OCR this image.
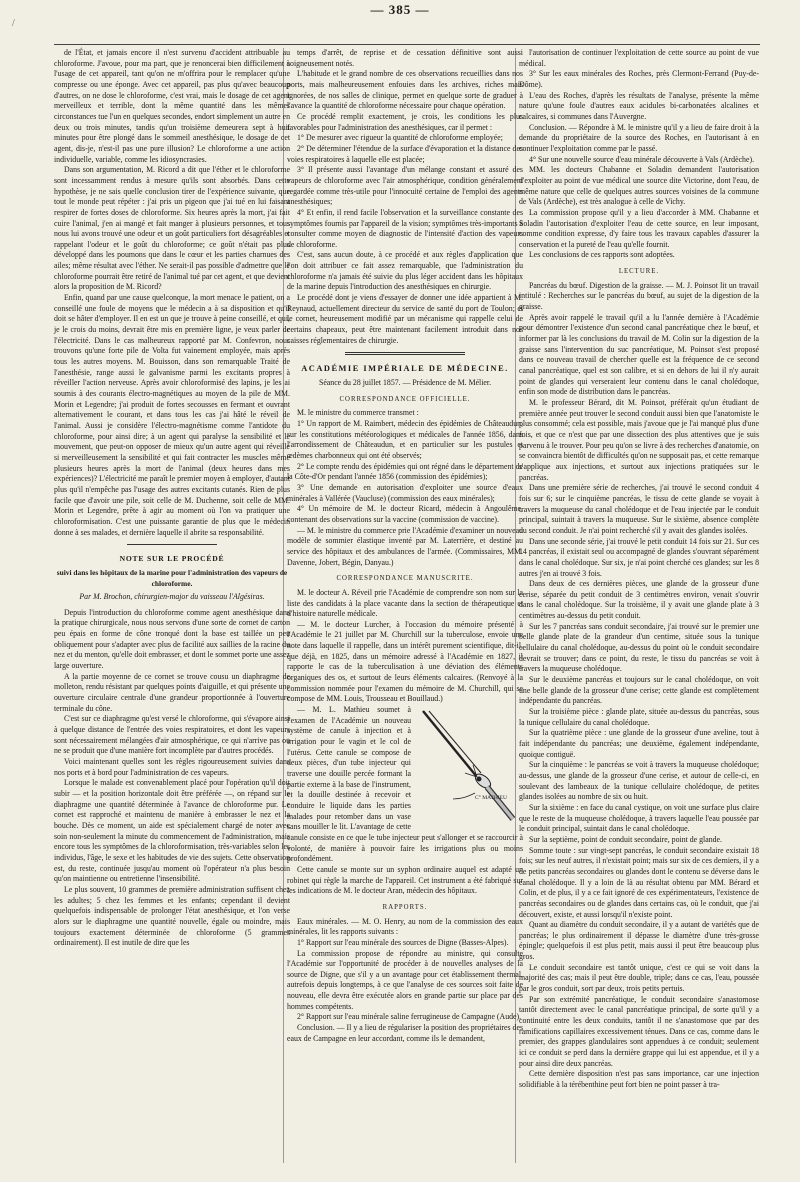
/
— 385 —

de l'État, et jamais encore il n'est survenu d'accident attribuable au chloroforme. J'avoue, pour ma part, que je renoncerai bien difficilement à l'usage de cet appareil, tant qu'on ne m'offrira pour le remplacer qu'une compresse ou une éponge. Avec cet appareil, pas plus qu'avec beaucoup d'autres, on ne dose le chloroforme, c'est vrai, mais le dosage de cet agent merveilleux et terrible, dont la même quantité dans les mêmes circonstances tue l'un en quelques secondes, endort simplement un autre en deux ou trois minutes, tandis qu'un troisième demeurera sept à huit minutes pour être plongé dans le sommeil anesthésique, le dosage de cet agent, dis-je, n'est-il pas une pure illusion? Le chloroforme a une action individuelle, variable, comme les idiosyncrasies.

Dans son argumentation, M. Ricord a dit que l'éther et le chloroforme sont incessamment rendus à mesure qu'ils sont absorbés. Dans cette hypothèse, je ne sais quelle conclusion tirer de l'expérience suivante, que tout le monde peut répéter : j'ai pris un pigeon que j'ai tué en lui faisant respirer de fortes doses de chloroforme. Six heures après la mort, j'ai fait cuire l'animal, j'en ai mangé et fait manger à plusieurs personnes, et tous nous lui avons trouvé une odeur et un goût particuliers fort désagréables et rappelant l'odeur et le goût du chloroforme; ce goût n'était pas plus développé dans les poumons que dans le cœur et les parties charnues des ailes; même résultat avec l'éther. Ne serait-il pas possible d'admettre que le chloroforme pourrait être retiré de l'animal tué par cet agent, et que devient alors la proposition de M. Ricord?

Enfin, quand par une cause quelconque, la mort menace le patient, on a conseillé une foule de moyens que le médecin a à sa disposition et qu'il doit se hâter d'employer. Il en est un que je trouve à peine conseillé, et qui, je le crois du moins, devrait être mis en première ligne, je veux parler de l'électricité. Dans le cas malheureux rapporté par M. Confevron, nous trouvons qu'une forte pile de Volta fut vainement employée, mais après tous les autres moyens. M. Bouisson, dans son remarquable Traité de l'anesthésie, range aussi le galvanisme parmi les excitants propres à réveiller l'action nerveuse. Après avoir chloroformisé des lapins, je les ai soumis à des courants électro-magnétiques au moyen de la pile de MM. Morin et Legendre; j'ai produit de fortes secousses en fermant et ouvrant alternativement le courant, et dans tous les cas j'ai hâté le réveil de l'animal. Aussi je considère l'électro-magnétisme comme l'antidote du chloroforme, pour ainsi dire; à un agent qui paralyse la sensibilité et le mouvement, que peut-on opposer de mieux qu'un autre agent qui réveille si merveilleusement la sensibilité et qui fait contracter les muscles même plusieurs heures après la mort de l'animal (deux heures dans mes expériences)? L'électricité me paraît le premier moyen à employer, d'autant plus qu'il n'empêche pas l'usage des autres excitants cutanés. Rien de plus facile que d'avoir une pile, soit celle de M. Duchenne, soit celle de MM. Morin et Legendre, prête à agir au moment où l'on va pratiquer une chloroformisation. C'est une puissante garantie de plus que le médecin donne à ses malades, et dernière laquelle il abrite sa responsabilité.

NOTE SUR LE PROCÉDÉ
suivi dans les hôpitaux de la marine pour l'administration des vapeurs de chloroforme.
Par M. Brochon, chirurgien-major du vaisseau l'Algésiras.

Depuis l'introduction du chloroforme comme agent anesthésique dans la pratique chirurgicale, nous nous servons d'une sorte de cornet de carton peu épais en forme de cône tronqué dont la base est taillée un peu obliquement pour s'adapter avec plus de facilité aux saillies de la racine du nez et du menton, qu'elle doit embrasser, et dont le sommet porte une assez large ouverture.

A la partie moyenne de ce cornet se trouve cousu un diaphragme de molleton, rendu résistant par quelques points d'aiguille, et qui présente une ouverture circulaire centrale d'une grandeur proportionnée à l'ouverture terminale du cône.

C'est sur ce diaphragme qu'est versé le chloroforme, qui s'évapore ainsi à quelque distance de l'entrée des voies respiratoires, et dont les vapeurs sont nécessairement mélangées d'air atmosphérique, ce qui n'arrive pas ou ne se produit que d'une manière fort incomplète par d'autres procédés.

Voici maintenant quelles sont les règles rigoureusement suivies dans nos ports et à bord pour l'administration de ces vapeurs.

Lorsque le malade est convenablement placé pour l'opération qu'il doit subir — et la position horizontale doit être préférée —, on répand sur le diaphragme une quantité déterminée à l'avance de chloroforme pur. Le cornet est rapproché et maintenu de manière à embrasser le nez et la bouche. Dès ce moment, un aide est spécialement chargé de noter avec soin non-seulement la minute du commencement de l'administration, mais encore tous les symptômes de la chloroformisation, très-variables selon les individus, l'âge, le sexe et les habitudes de vie des sujets. Cette observation est, du reste, continuée jusqu'au moment où l'opérateur n'a plus besoin qu'on maintienne ou entretienne l'insensibilité.

Le plus souvent, 10 grammes de première administration suffisent chez les adultes; 5 chez les femmes et les enfants; cependant il devient quelquefois indispensable de prolonger l'état anesthésique, et l'on verse alors sur le diaphragme une quantité nouvelle, égale ou moindre, mais toujours exactement déterminée de chloroforme (5 grammes ordinairement). Il est inutile de dire que les

temps d'arrêt, de reprise et de cessation définitive sont aussi soigneusement notés.

L'habitude et le grand nombre de ces observations recueillies dans nos ports, mais malheureusement enfouies dans les archives, riches mais ignorées, de nos salles de clinique, permet en quelque sorte de graduer à l'avance la quantité de chloroforme nécessaire pour chaque opération.

Ce procédé remplit exactement, je crois, les conditions les plus favorables pour l'administration des anesthésiques, car il permet :

1° De mesurer avec rigueur la quantité de chloroforme employée;

2° De déterminer l'étendue de la surface d'évaporation et la distance des voies respiratoires à laquelle elle est placée;

3° Il présente aussi l'avantage d'un mélange constant et assuré des vapeurs de chloroforme avec l'air atmosphérique, condition généralement regardée comme très-utile pour l'innocuité certaine de l'emploi des agents anesthésiques;

4° Et enfin, il rend facile l'observation et la surveillance constante des symptômes fournis par l'appareil de la vision; symptômes très-importants à consulter comme moyen de diagnostic de l'intensité d'action des vapeurs de chloroforme.

C'est, sans aucun doute, à ce procédé et aux règles d'application que l'on doit attribuer ce fait assez remarquable, que l'administration du chloroforme n'a jamais été suivie du plus léger accident dans les hôpitaux de la marine depuis l'introduction des anesthésiques en chirurgie.

Le procédé dont je viens d'essayer de donner une idée appartient à M. Reynaud, actuellement directeur du service de santé du port de Toulon; et le cornet, heureusement modifié par un mécanisme qui rappelle celui de certains chapeaux, peut être maintenant facilement introduit dans nos caisses réglementaires de chirurgie.

ACADÉMIE IMPÉRIALE DE MÉDECINE.
Séance du 28 juillet 1857. — Présidence de M. Mélier.
CORRESPONDANCE OFFICIELLE.

M. le ministre du commerce transmet :

1° Un rapport de M. Raimbert, médecin des épidémies de Châteaudun, sur les constitutions météorologiques et médicales de l'année 1856, dans l'arrondissement de Châteaudun, et en particulier sur les pustules et œdèmes charbonneux qui ont été observés;

2° Le compte rendu des épidémies qui ont régné dans le département de la Côte-d'Or pendant l'année 1856 (commission des épidémies);

3° Une demande en autorisation d'exploiter une source d'eaux minérales à Vallérée (Vaucluse) (commission des eaux minérales);

4° Un mémoire de M. le docteur Ricard, médecin à Angoulême, contenant des observations sur la vaccine (commission de vaccine).

— M. le ministre du commerce prie l'Académie d'examiner un nouveau modèle de sommier élastique inventé par M. Laterrière, et destiné au service des hôpitaux et des ambulances de l'armée. (Commissaires, MM. Davenne, Jobert, Bégin, Danyau.)

CORRESPONDANCE MANUSCRITE.

M. le docteur A. Réveil prie l'Académie de comprendre son nom sur la liste des candidats à la place vacante dans la section de thérapeutique et d'histoire naturelle médicale.

— M. le docteur Lurcher, à l'occasion du mémoire présenté à l'Académie le 21 juillet par M. Churchill sur la tuberculose, envoie une note dans laquelle il rappelle, dans un intérêt purement scientifique, dit-il, que déjà, en 1825, dans un mémoire adressé à l'Académie en 1827, il rapporte le cas de la tuberculisation à une déviation des éléments organiques des os, et surtout de leurs éléments calcaires. (Renvoyé à la commission nommée pour l'examen du mémoire de M. Churchill, qui se compose de MM. Louis, Trousseau et Bouillaud.)

C° MATHIEU

— M. L. Mathieu soumet à l'examen de l'Académie un nouveau système de canule à injection et à irrigation pour le vagin et le col de l'utérus. Cette canule se compose de deux pièces, d'un tube injecteur qui traverse une douille percée formant la partie externe à la base de l'instrument, et la douille destinée à recevoir et conduire le liquide dans les parties malades pour retomber dans un vase sans mouiller le lit. L'avantage de cette canule consiste en ce que le tube injecteur peut s'allonger et se raccourcir à volonté, de manière à pouvoir faire les irrigations plus ou moins profondément.

Cette canule se monte sur un syphon ordinaire auquel est adapté un robinet qui règle la marche de l'appareil. Cet instrument a été fabriqué sur les indications de M. le docteur Aran, médecin des hôpitaux.

RAPPORTS.

Eaux minérales. — M. O. Henry, au nom de la commission des eaux minérales, lit les rapports suivants :

1° Rapport sur l'eau minérale des sources de Digne (Basses-Alpes).

La commission propose de répondre au ministre, qui consulte l'Académie sur l'opportunité de procéder à de nouvelles analyses de la source de Digne, que s'il y a un avantage pour cet établissement thermal, autrefois depuis longtemps, à ce que l'analyse de ces sources soit faite de nouveau, elle devra être exécutée alors en grande partie sur place par des hommes compétents.

2° Rapport sur l'eau minérale saline ferrugineuse de Campagne (Aude).

Conclusion. — Il y a lieu de régulariser la position des propriétaires des eaux de Campagne en leur accordant, comme ils le demandent,

l'autorisation de continuer l'exploitation de cette source au point de vue médical.

3° Sur les eaux minérales des Roches, près Clermont-Ferrand (Puy-de-Dôme).

L'eau des Roches, d'après les résultats de l'analyse, présente la même nature qu'une foule d'autres eaux acidules bi-carbonatées alcalines et calcaires, si communes dans l'Auvergne.

Conclusion. — Répondre à M. le ministre qu'il y a lieu de faire droit à la demande du propriétaire de la source des Roches, en l'autorisant à en continuer l'exploitation comme par le passé.

4° Sur une nouvelle source d'eau minérale découverte à Vals (Ardèche).

MM. les docteurs Chabanne et Soladin demandent l'autorisation d'exploiter au point de vue médical une source dite Victorine, dont l'eau, de même nature que celle de quelques autres sources voisines de la commune de Vals (Ardèche), est très analogue à celle de Vichy.

La commission propose qu'il y a lieu d'accorder à MM. Chabanne et Soladin l'autorisation d'exploiter l'eau de cette source, en leur imposant, comme condition expresse, d'y faire tous les travaux capables d'assurer la conservation et la pureté de l'eau qu'elle fournit.

Les conclusions de ces rapports sont adoptées.

LECTURE.

Pancréas du bœuf. Digestion de la graisse. — M. J. Poinsot lit un travail intitulé : Recherches sur le pancréas du bœuf, au sujet de la digestion de la graisse.

Après avoir rappelé le travail qu'il a lu l'année dernière à l'Académie pour démontrer l'existence d'un second canal pancréatique chez le bœuf, et informer par là les conclusions du travail de M. Colin sur la digestion de la graisse sans l'intervention du suc pancréatique, M. Poinsot s'est proposé dans ce nouveau travail de chercher quelle est la fréquence de ce second canal pancréatique, quel est son calibre, et si en dehors de lui il n'y aurait point de glandes qui verseraient leur contenu dans le canal cholédoque, enfin son mode de distribution dans le pancréas.

M. le professeur Bérard, dit M. Poinsot, préférait qu'un étudiant de première année peut trouver le second conduit aussi bien que l'anatomiste le plus consommé; cela est possible, mais j'avoue que je l'ai manqué plus d'une fois, et que ce n'est que par une dissection des plus attentives que je suis parvenu à le trouver. Pour peu qu'on se livre à des recherches d'anatomie, on se convaincra bientôt de difficultés qu'on ne supposait pas, et cette remarque s'applique aux injections, et surtout aux injections pratiquées sur le pancréas.

Dans une première série de recherches, j'ai trouvé le second conduit 4 fois sur 6; sur le cinquième pancréas, le tissu de cette glande se voyait à travers la muqueuse du canal cholédoque et de l'eau injectée par le conduit principal, suintait à travers la muqueuse. Sur le sixième, absence complète du second conduit. Je n'ai point recherché s'il y avait des glandes isolées.

Dans une seconde série, j'ai trouvé le petit conduit 14 fois sur 21. Sur ces 14 pancréas, il existait seul ou accompagné de glandes s'ouvrant séparément dans le canal cholédoque. Sur six, je n'ai point cherché ces glandes; sur les 8 autres j'en ai trouvé 3 fois.

Dans deux de ces dernières pièces, une glande de la grosseur d'une cerise, séparée du petit conduit de 3 centimètres environ, venait s'ouvrir dans le canal cholédoque. Sur la troisième, il y avait une glande plate à 3 centimètres au-dessus du petit conduit.

Sur les 7 pancréas sans conduit secondaire, j'ai trouvé sur le premier une belle glande plate de la grandeur d'un centime, située sous la tunique cellulaire du canal cholédoque, au-dessus du point où le conduit secondaire devrait se trouver; dans ce point, du reste, le tissu du pancréas se voit à travers la muqueuse cholédoque.

Sur le deuxième pancréas et toujours sur le canal cholédoque, on voit une belle glande de la grosseur d'une cerise; cette glande est complètement indépendante du pancréas.

Sur la troisième pièce : glande plate, située au-dessus du pancréas, sous la tunique cellulaire du canal cholédoque.

Sur la quatrième pièce : une glande de la grosseur d'une aveline, tout à fait indépendante du pancréas; une deuxième, également indépendante, quoique contiguë.

Sur la cinquième : le pancréas se voit à travers la muqueuse cholédoque; au-dessus, une glande de la grosseur d'une cerise, et autour de celle-ci, en soulevant des lambeaux de la tunique cellulaire cholédoque, de petites glandes isolées au nombre de six ou huit.

Sur la sixième : en face du canal cystique, on voit une surface plus claire que le reste de la muqueuse cholédoque, à travers laquelle l'eau poussée par le conduit principal, suintait dans le canal cholédoque.

Sur la septième, point de conduit secondaire, point de glande.

Somme toute : sur vingt-sept pancréas, le conduit secondaire existait 18 fois; sur les neuf autres, il n'existait point; mais sur six de ces derniers, il y a de petits pancréas secondaires ou glandes dont le contenu se déverse dans le canal cholédoque. Il y a loin de là au résultat obtenu par MM. Bérard et Colin, et de plus, il y a ce fait ignoré de ces expérimentateurs, l'existence de pancréas secondaires ou de glandes dans certains cas, où le conduit, que j'ai découvert, existe, et aussi lorsqu'il n'existe point.

Quant au diamètre du conduit secondaire, il y a autant de variétés que de pancréas; le plus ordinairement il dépasse le diamètre d'une très-grosse épingle; quelquefois il est plus petit, mais aussi il peut être beaucoup plus gros.

Le conduit secondaire est tantôt unique, c'est ce qui se voit dans la majorité des cas; mais il peut être double, triple; dans ce cas, l'eau, poussée par le gros conduit, sort par deux, trois petits pertuis.

Par son extrémité pancréatique, le conduit secondaire s'anastomose tantôt directement avec le canal pancréatique principal, de sorte qu'il y a continuité entre les deux conduits, tantôt il ne s'anastomose que par des ramifications capillaires excessivement ténues. Dans ce cas, comme dans le premier, des grappes glandulaires sont appendues à ce conduit; seulement ici ce conduit se perd dans la dernière grappe qui lui est appendue, et il y a pour ainsi dire deux pancréas.

Cette dernière disposition n'est pas sans importance, car une injection solidifiable à la térébenthine peut fort bien ne point passer à tra-
